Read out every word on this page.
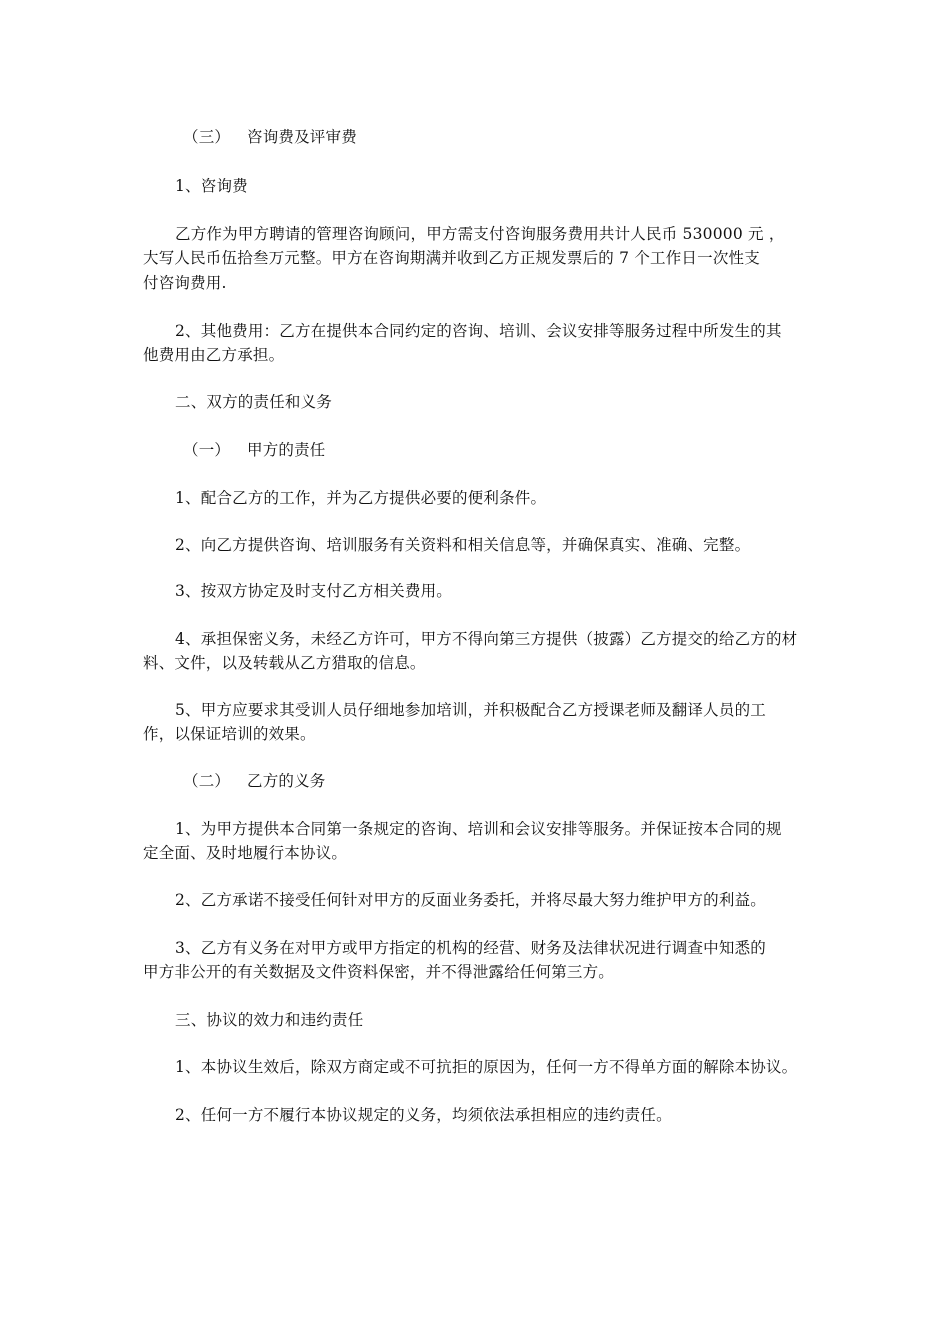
（三） 咨询费及评审费

1、咨询费

乙方作为甲方聘请的管理咨询顾问，甲方需支付咨询服务费用共计人民币 530000 元 ，

大写人民币伍拾叁万元整。甲方在咨询期满并收到乙方正规发票后的 7 个工作日一次性支

付咨询费用.

2、其他费用：乙方在提供本合同约定的咨询、培训、会议安排等服务过程中所发生的其

他费用由乙方承担。

二、双方的责任和义务

（一） 甲方的责任

1、配合乙方的工作，并为乙方提供必要的便利条件。

2、向乙方提供咨询、培训服务有关资料和相关信息等，并确保真实、准确、完整。

3、按双方协定及时支付乙方相关费用。

4、承担保密义务，未经乙方许可，甲方不得向第三方提供（披露）乙方提交的给乙方的材

料、文件，以及转载从乙方猎取的信息。

5、甲方应要求其受训人员仔细地参加培训，并积极配合乙方授课老师及翻译人员的工

作，以保证培训的效果。

（二） 乙方的义务

1、为甲方提供本合同第一条规定的咨询、培训和会议安排等服务。并保证按本合同的规

定全面、及时地履行本协议。

2、乙方承诺不接受任何针对甲方的反面业务委托，并将尽最大努力维护甲方的利益。

3、乙方有义务在对甲方或甲方指定的机构的经营、财务及法律状况进行调查中知悉的

甲方非公开的有关数据及文件资料保密，并不得泄露给任何第三方。

三、协议的效力和违约责任

1、本协议生效后，除双方商定或不可抗拒的原因为，任何一方不得单方面的解除本协议。

2、任何一方不履行本协议规定的义务，均须依法承担相应的违约责任。
